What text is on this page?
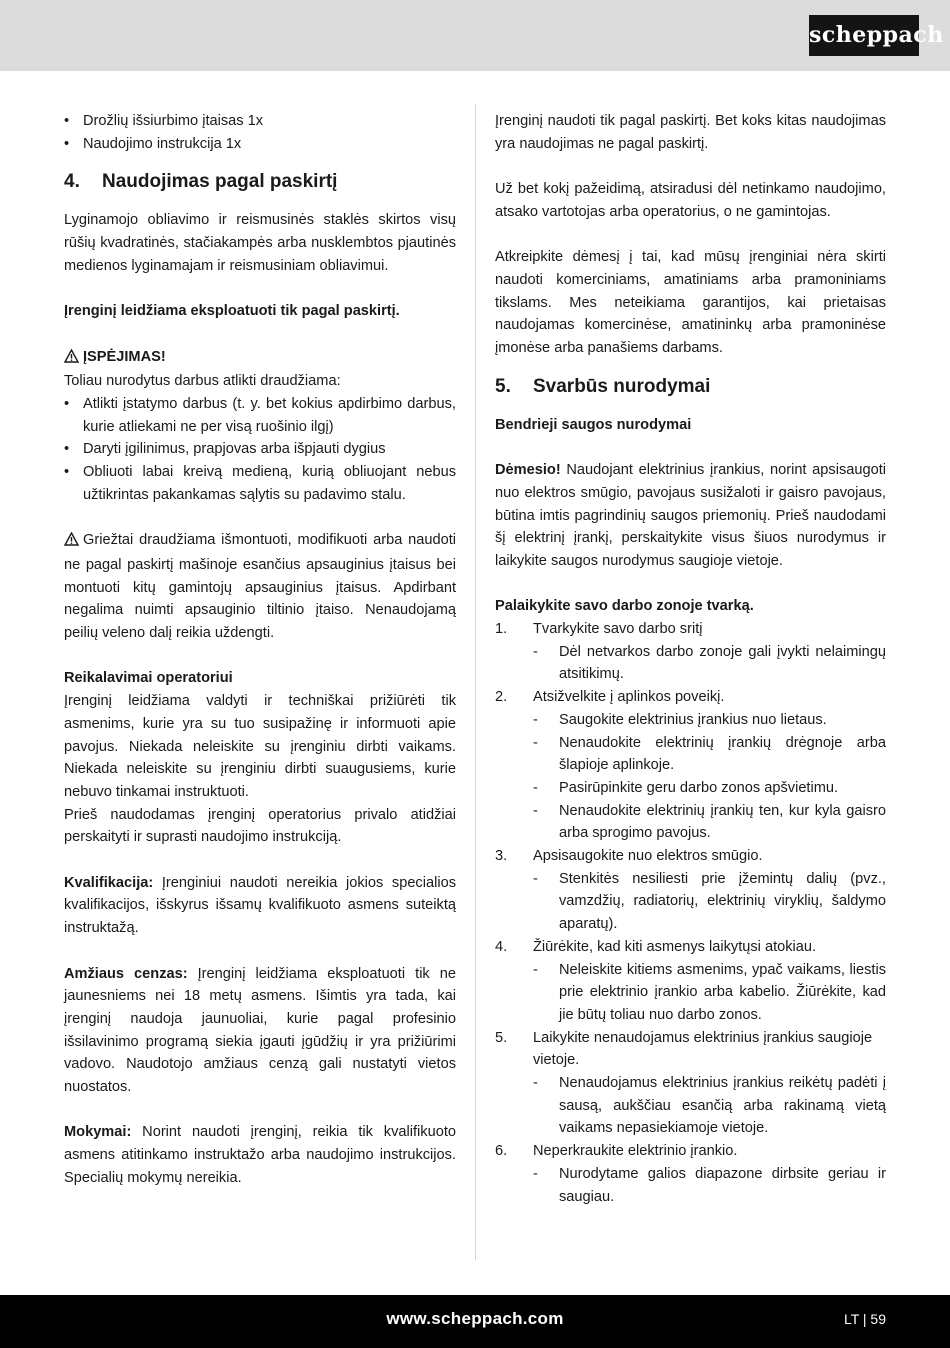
scheppach
• Drožlių išsiurbimo įtaisas 1x
• Naudojimo instrukcija 1x
4. Naudojimas pagal paskirtį

Lyginamojo obliavimo ir reismusinės staklės skirtos visų rūšių kvadratinės, stačiakampės arba nusklembtos pjautinės medienos lyginamajam ir reismusiniam obliavimui.

Įrenginį leidžiama eksploatuoti tik pagal paskirtį.

ĮSPĖJIMAS!

Toliau nurodytus darbus atlikti draudžiama:

• Atlikti įstatymo darbus (t. y. bet kokius apdirbimo darbus, kurie atliekami ne per visą ruošinio ilgį)
• Daryti įgilinimus, prapjovas arba išpjauti dygius
• Obliuoti labai kreivą medieną, kurią obliuojant nebus užtikrintas pakankamas sąlytis su padavimo stalu.

Griežtai draudžiama išmontuoti, modifikuoti arba naudoti ne pagal paskirtį mašinoje esančius apsauginius įtaisus bei montuoti kitų gamintojų apsauginius įtaisus. Apdirbant negalima nuimti apsauginio tiltinio įtaiso. Nenaudojamą peilių veleno dalį reikia uždengti.

Reikalavimai operatoriui

Įrenginį leidžiama valdyti ir techniškai prižiūrėti tik asmenims, kurie yra su tuo susipažinę ir informuoti apie pavojus. Niekada neleiskite su įrenginiu dirbti vaikams. Niekada neleiskite su įrenginiu dirbti suaugusiems, kurie nebuvo tinkamai instruktuoti.

Prieš naudodamas įrenginį operatorius privalo atidžiai perskaityti ir suprasti naudojimo instrukciją.

Kvalifikacija: Įrenginiui naudoti nereikia jokios specialios kvalifikacijos, išskyrus išsamų kvalifikuoto asmens suteiktą instruktažą.

Amžiaus cenzas: Įrenginį leidžiama eksploatuoti tik ne jaunesniems nei 18 metų asmens. Išimtis yra tada, kai įrenginį naudoja jaunuoliai, kurie pagal profesinio išsilavinimo programą siekia įgauti įgūdžių ir yra prižiūrimi vadovo. Naudotojo amžiaus cenzą gali nustatyti vietos nuostatos.

Mokymai: Norint naudoti įrenginį, reikia tik kvalifikuoto asmens atitinkamo instruktažo arba naudojimo instrukcijos. Specialių mokymų nereikia.

Įrenginį naudoti tik pagal paskirtį. Bet koks kitas naudojimas yra naudojimas ne pagal paskirtį.

Už bet kokį pažeidimą, atsiradusi dėl netinkamo naudojimo, atsako vartotojas arba operatorius, o ne gamintojas.

Atkreipkite dėmesį į tai, kad mūsų įrenginiai nėra skirti naudoti komerciniams, amatiniams arba pramoniniams tikslams. Mes neteikiama garantijos, kai prietaisas naudojamas komercinėse, amatininkų arba pramoninėse įmonėse arba panašiems darbams.

5. Svarbūs nurodymai

Bendrieji saugos nurodymai

Dėmesio! Naudojant elektrinius įrankius, norint apsisaugoti nuo elektros smūgio, pavojaus susižaloti ir gaisro pavojaus, būtina imtis pagrindinių saugos priemonių. Prieš naudodami šį elektrinį įrankį, perskaitykite visus šiuos nurodymus ir laikykite saugos nurodymus saugioje vietoje.

Palaikykite savo darbo zonoje tvarką.

1. Tvarkykite savo darbo sritį
- Dėl netvarkos darbo zonoje gali įvykti nelaimingų atsitikimų.
2. Atsižvelkite į aplinkos poveikį.
- Saugokite elektrinius įrankius nuo lietaus.
- Nenaudokite elektrinių įrankių drėgnoje arba šlapioje aplinkoje.
- Pasirūpinkite geru darbo zonos apšvietimu.
- Nenaudokite elektrinių įrankių ten, kur kyla gaisro arba sprogimo pavojus.
3. Apsisaugokite nuo elektros smūgio.
- Stenkitės nesiliesti prie įžemintų dalių (pvz., vamzdžių, radiatorių, elektrinių viryklių, šaldymo aparatų).
4. Žiūrėkite, kad kiti asmenys laikytųsi atokiau.
- Neleiskite kitiems asmenims, ypač vaikams, liestis prie elektrinio įrankio arba kabelio. Žiūrėkite, kad jie būtų toliau nuo darbo zonos.
5. Laikykite nenaudojamus elektrinius įrankius saugioje vietoje.
- Nenaudojamus elektrinius įrankius reikėtų padėti į sausą, aukščiau esančią arba rakinamą vietą vaikams nepasiekiamoje vietoje.
6. Neperkraukite elektrinio įrankio.
- Nurodytame galios diapazone dirbsite geriau ir saugiau.
www.scheppach.com	LT | 59
